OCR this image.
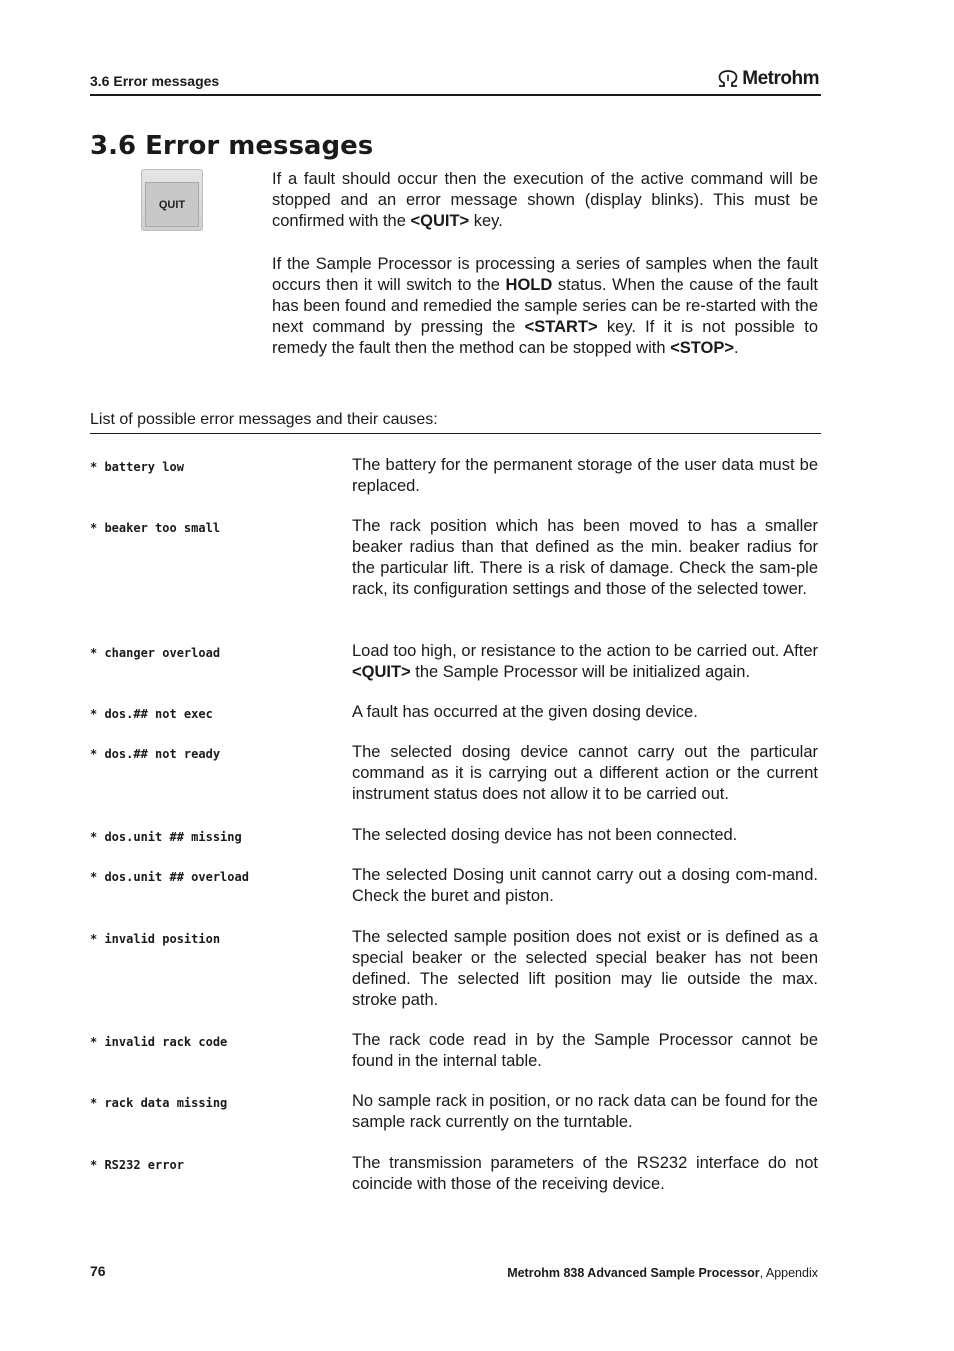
3.6 Error messages	Metrohm
3.6 Error messages
QUIT

If a fault should occur then the execution of the active command will be stopped and an error message shown (display blinks). This must be confirmed with the <QUIT> key.

If the Sample Processor is processing a series of samples when the fault occurs then it will switch to the HOLD status. When the cause of the fault has been found and remedied the sample series can be re-started with the next command by pressing the <START> key. If it is not possible to remedy the fault then the method can be stopped with <STOP>.

List of possible error messages and their causes:
* battery low	The battery for the permanent storage of the user data must be replaced.
* beaker too small	The rack position which has been moved to has a smaller beaker radius than that defined as the min. beaker radius for the particular lift. There is a risk of damage. Check the sam-ple rack, its configuration settings and those of the selected tower.
* changer overload	Load too high, or resistance to the action to be carried out. After <QUIT> the Sample Processor will be initialized again.
* dos.## not exec	A fault has occurred at the given dosing device.
* dos.## not ready	The selected dosing device cannot carry out the particular command as it is carrying out a different action or the current instrument status does not allow it to be carried out.
* dos.unit ## missing	The selected dosing device has not been connected.
* dos.unit ## overload	The selected Dosing unit cannot carry out a dosing com-mand. Check the buret and piston.
* invalid position	The selected sample position does not exist or is defined as a special beaker or the selected special beaker has not been defined. The selected lift position may lie outside the max. stroke path.
* invalid rack code	The rack code read in by the Sample Processor cannot be found in the internal table.
* rack data missing	No sample rack in position, or no rack data can be found for the sample rack currently on the turntable.
* RS232 error	The transmission parameters of the RS232 interface do not coincide with those of the receiving device.
76	Metrohm 838 Advanced Sample Processor, Appendix
